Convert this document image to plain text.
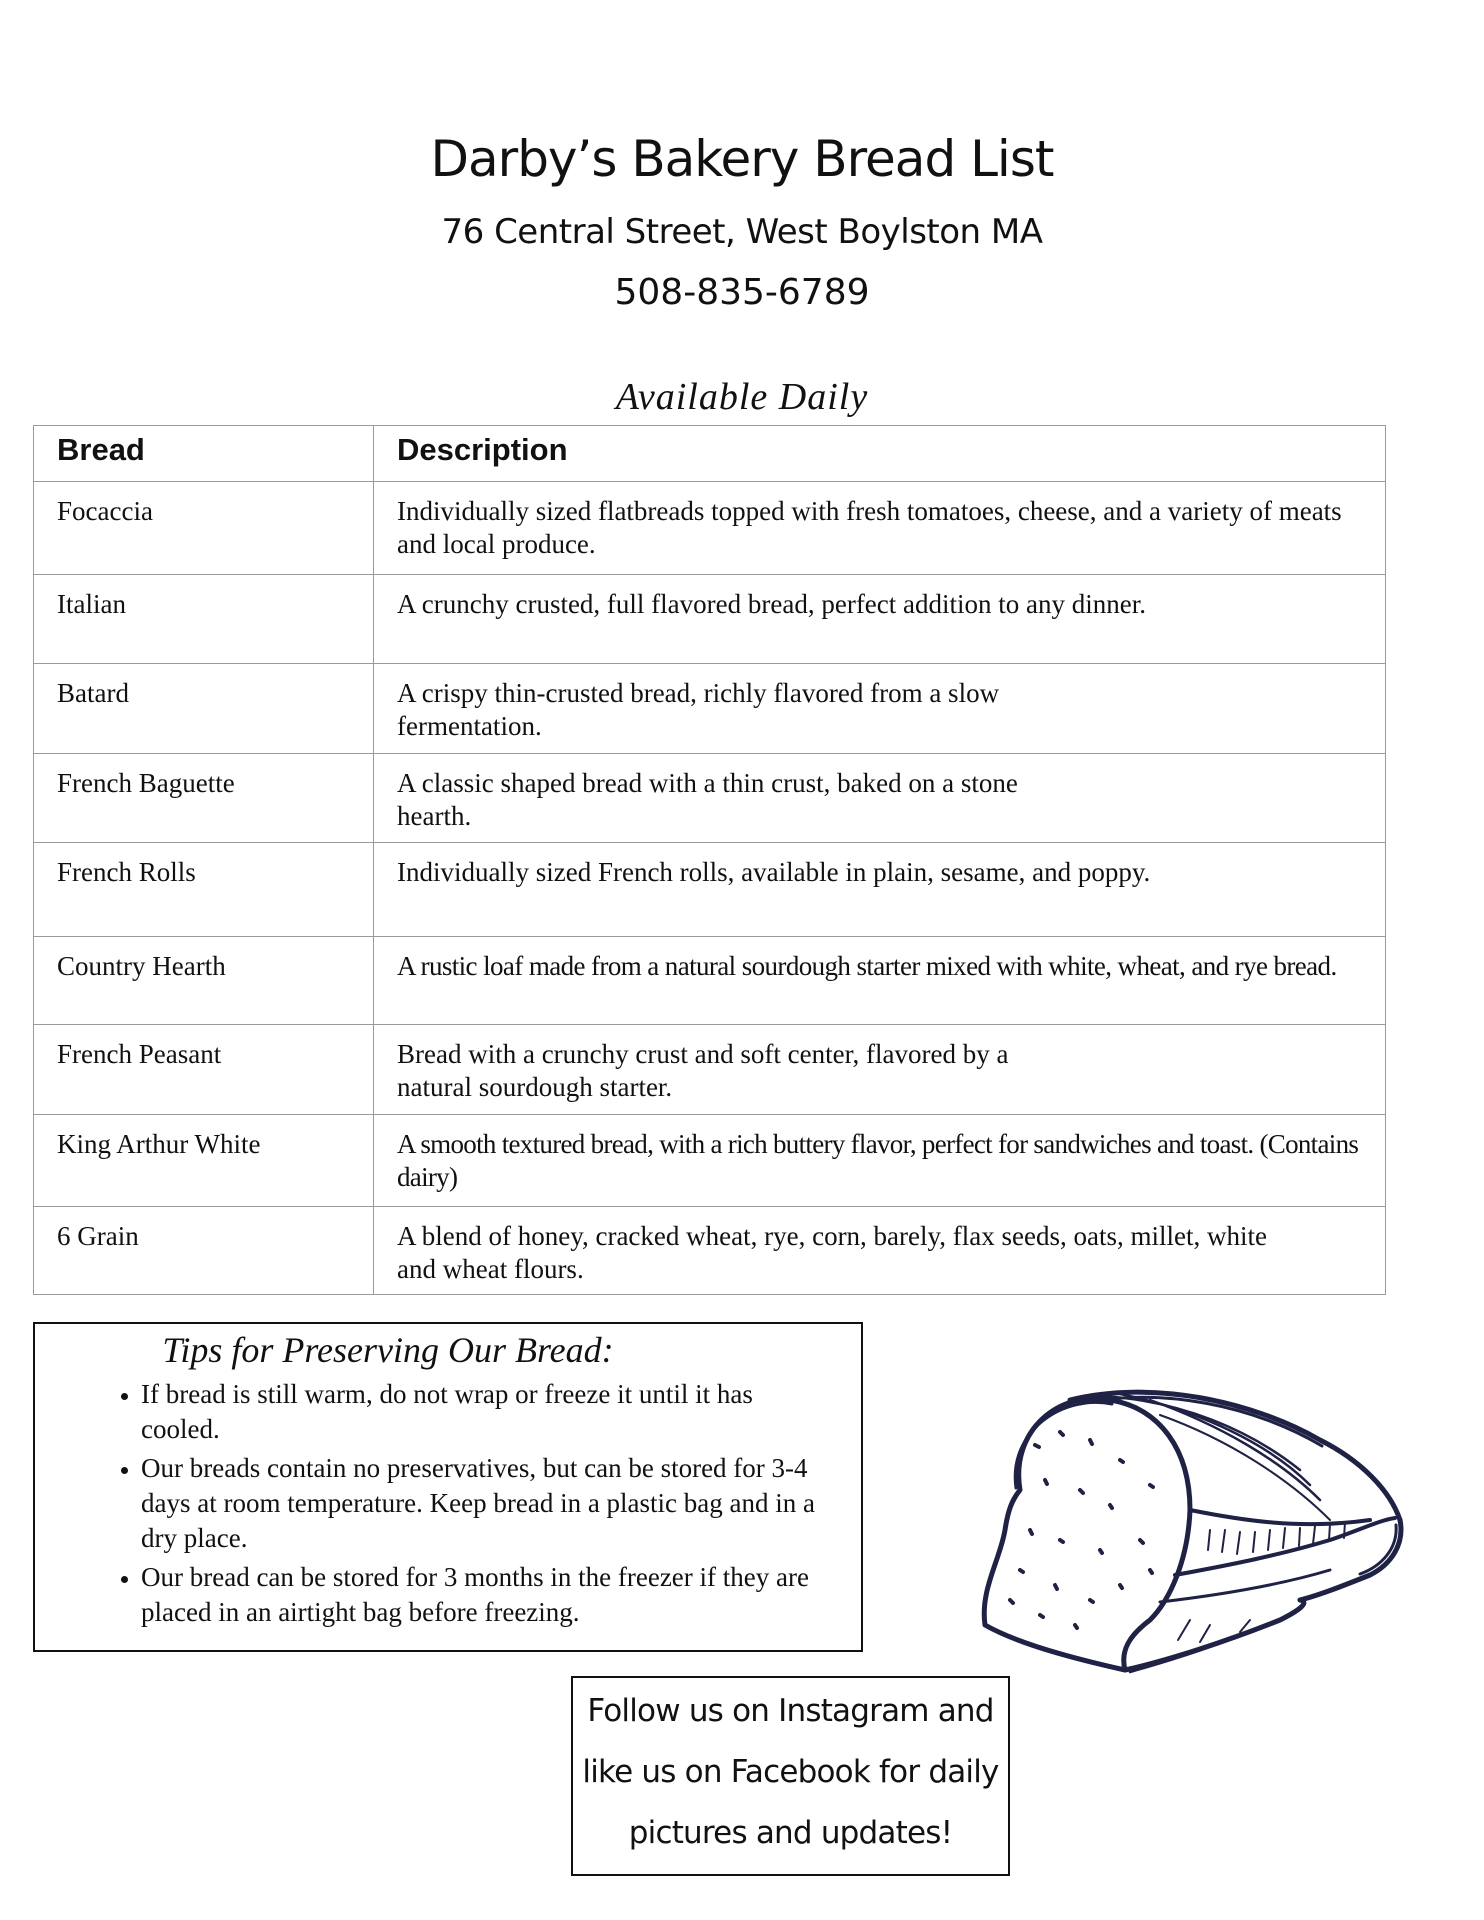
Darby’s Bakery Bread List
76 Central Street, West Boylston MA
508-835-6789
Available Daily
Bread	Description
Focaccia	Individually sized flatbreads topped with fresh tomatoes, cheese, and a variety of meats and local produce.
Italian	A crunchy crusted, full flavored bread, perfect addition to any dinner.
Batard	A crispy thin-crusted bread, richly flavored from a slow fermentation.
French Baguette	A classic shaped bread with a thin crust, baked on a stone hearth.
French Rolls	Individually sized French rolls, available in plain, sesame, and poppy.
Country Hearth	A rustic loaf made from a natural sourdough starter mixed with white, wheat, and rye bread.
French Peasant	Bread with a crunchy crust and soft center, flavored by a natural sourdough starter.
King Arthur White	A smooth textured bread, with a rich buttery flavor, perfect for sandwiches and toast. (Contains dairy)
6 Grain	A blend of honey, cracked wheat, rye, corn, barely, flax seeds, oats, millet, white and wheat flours.
Tips for Preserving Our Bread:
• If bread is still warm, do not wrap or freeze it until it has cooled.
• Our breads contain no preservatives, but can be stored for 3-4 days at room temperature. Keep bread in a plastic bag and in a dry place.
• Our bread can be stored for 3 months in the freezer if they are placed in an airtight bag before freezing.
Follow us on Instagram and
like us on Facebook for daily
pictures and updates!
